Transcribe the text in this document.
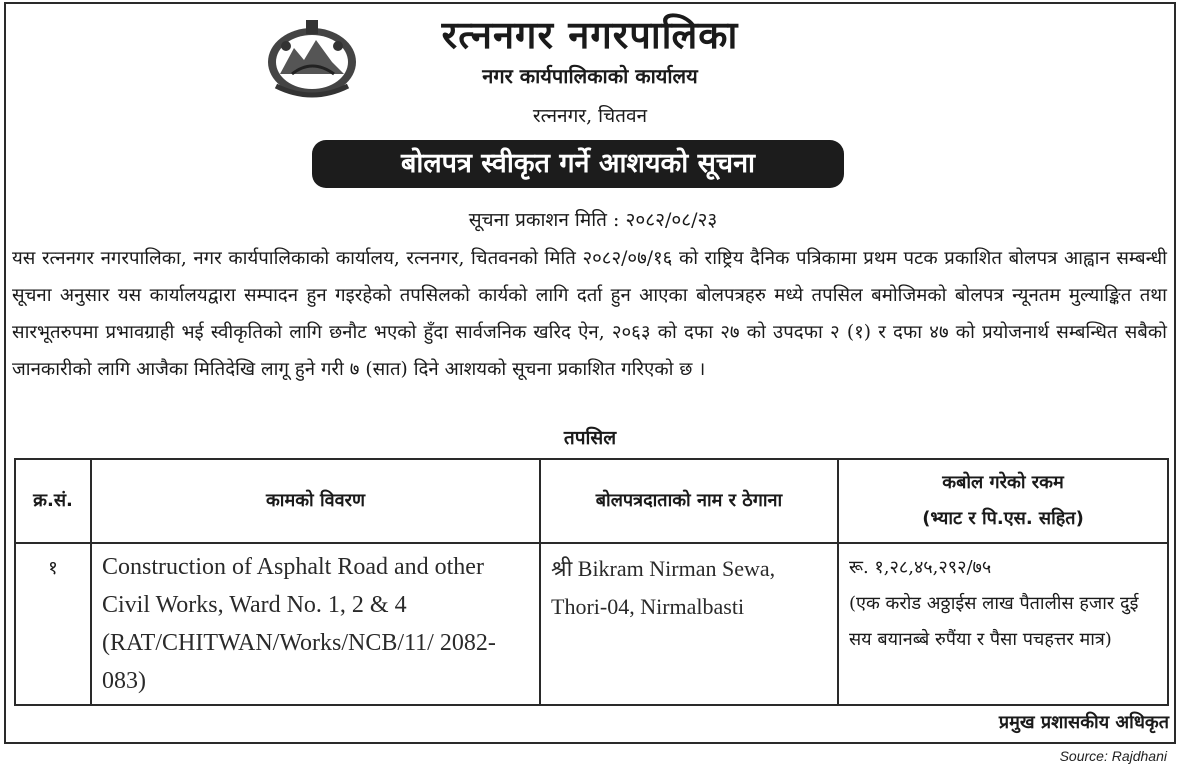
रत्ननगर नगरपालिका
नगर कार्यपालिकाको कार्यालय
रत्ननगर, चितवन
बोलपत्र स्वीकृत गर्ने आशयको सूचना
सूचना प्रकाशन मिति : २०८२/०८/२३
यस रत्ननगर नगरपालिका, नगर कार्यपालिकाको कार्यालय, रत्ननगर, चितवनको मिति २०८२/०७/१६ को राष्ट्रिय दैनिक पत्रिकामा प्रथम पटक प्रकाशित बोलपत्र आह्वान सम्बन्धी सूचना अनुसार यस कार्यालयद्वारा सम्पादन हुन गइरहेको तपसिलको कार्यको लागि दर्ता हुन आएका बोलपत्रहरु मध्ये तपसिल बमोजिमको बोलपत्र न्यूनतम मुल्याङ्कित तथा सारभूतरुपमा प्रभावग्राही भई स्वीकृतिको लागि छनौट भएको हुँदा सार्वजनिक खरिद ऐन, २०६३ को दफा २७ को उपदफा २ (१) र दफा ४७ को प्रयोजनार्थ सम्बन्धित सबैको जानकारीको लागि आजैका मितिदेखि लागू हुने गरी ७ (सात) दिने आशयको सूचना प्रकाशित गरिएको छ ।
तपसिल
क्र.सं.	कामको विवरण	बोलपत्रदाताको नाम र ठेगाना	कबोल गरेको रकम
(भ्याट र पि.एस. सहित)

१	Construction of Asphalt Road and other Civil Works, Ward No. 1, 2 & 4 (RAT/CHITWAN/Works/NCB/11/ 2082-083)	श्री Bikram Nirman Sewa, Thori-04, Nirmalbasti	रू. १,२८,४५,२९२/७५
(एक करोड अठ्ठाईस लाख पैतालीस हजार दुई सय बयानब्बे रुपैंया र पैसा पचहत्तर मात्र)
प्रमुख प्रशासकीय अधिकृत
Source: Rajdhani
